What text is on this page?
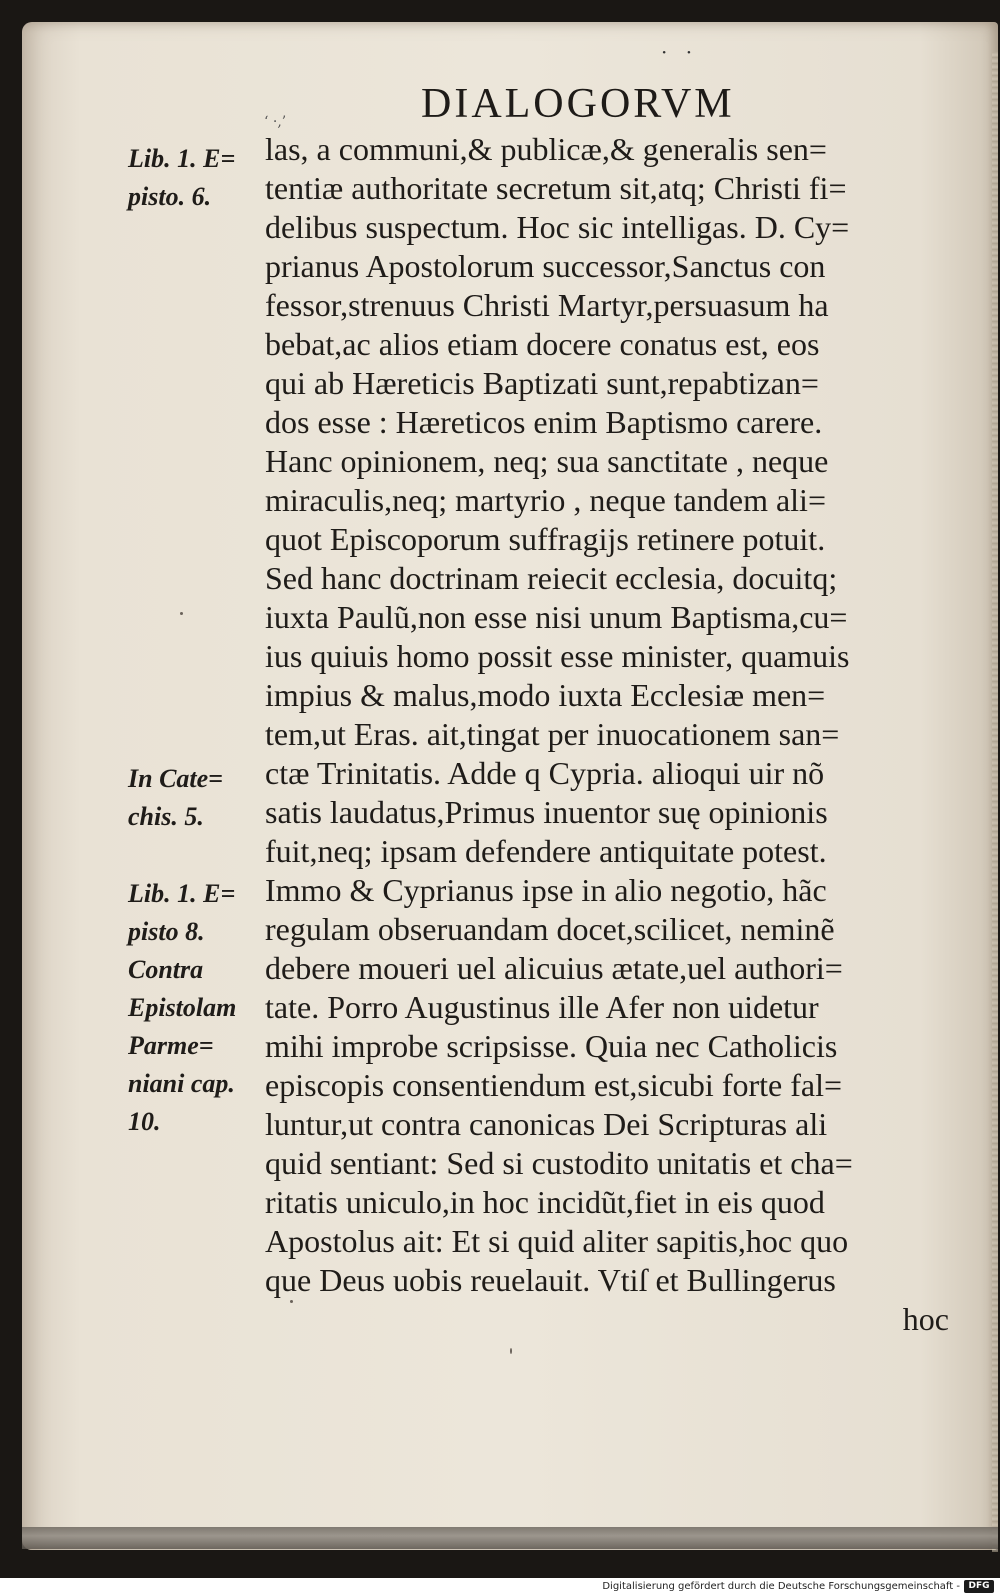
· ·
DIALOGORVM
‘ ·,’
las, a communi,& publicæ,& generalis sen=
tentiæ authoritate secretum sit,atq; Christi fi=
delibus suspectum. Hoc sic intelligas. D. Cy=
prianus Apostolorum successor,Sanctus con
fessor,strenuus Christi Martyr,persuasum ha
bebat,ac alios etiam docere conatus est, eos
qui ab Hæreticis Baptizati sunt,repabtizan=
dos esse : Hæreticos enim Baptismo carere.
Hanc opinionem, neq; sua sanctitate , neque
miraculis,neq; martyrio , neque tandem ali=
quot Episcoporum suffragijs retinere potuit.
Sed hanc doctrinam reiecit ecclesia, docuitq;
iuxta Paulũ,non esse nisi unum Baptisma,cu=
ius quiuis homo possit esse minister, quamuis
impius & malus,modo iuxta Ecclesiæ men=
tem,ut Eras. ait,tingat per inuocationem san=
ctæ Trinitatis. Adde q Cypria. alioqui uir nõ
satis laudatus,Primus inuentor suę opinionis
fuit,neq; ipsam defendere antiquitate potest.
Immo & Cyprianus ipse in alio negotio, hãc
regulam obseruandam docet,scilicet, neminẽ
debere moueri uel alicuius ætate,uel authori=
tate. Porro Augustinus ille Afer non uidetur
mihi improbe scripsisse. Quia nec Catholicis
episcopis consentiendum est,sicubi forte fal=
luntur,ut contra canonicas Dei Scripturas ali
quid sentiant: Sed si custodito unitatis et cha=
ritatis uniculo,in hoc incidũt,fiet in eis quod
Apostolus ait: Et si quid aliter sapitis,hoc quo
que Deus uobis reuelauit. Vtiſ et Bullingerus
hoc
Lib. 1. E=
pisto. 6.
In Cate=
chis. 5.
Lib. 1. E=
pisto 8.
Contra
Epistolam
Parme=
niani cap.
10.
Digitalisierung gefördert durch die Deutsche Forschungsgemeinschaft - DFG
